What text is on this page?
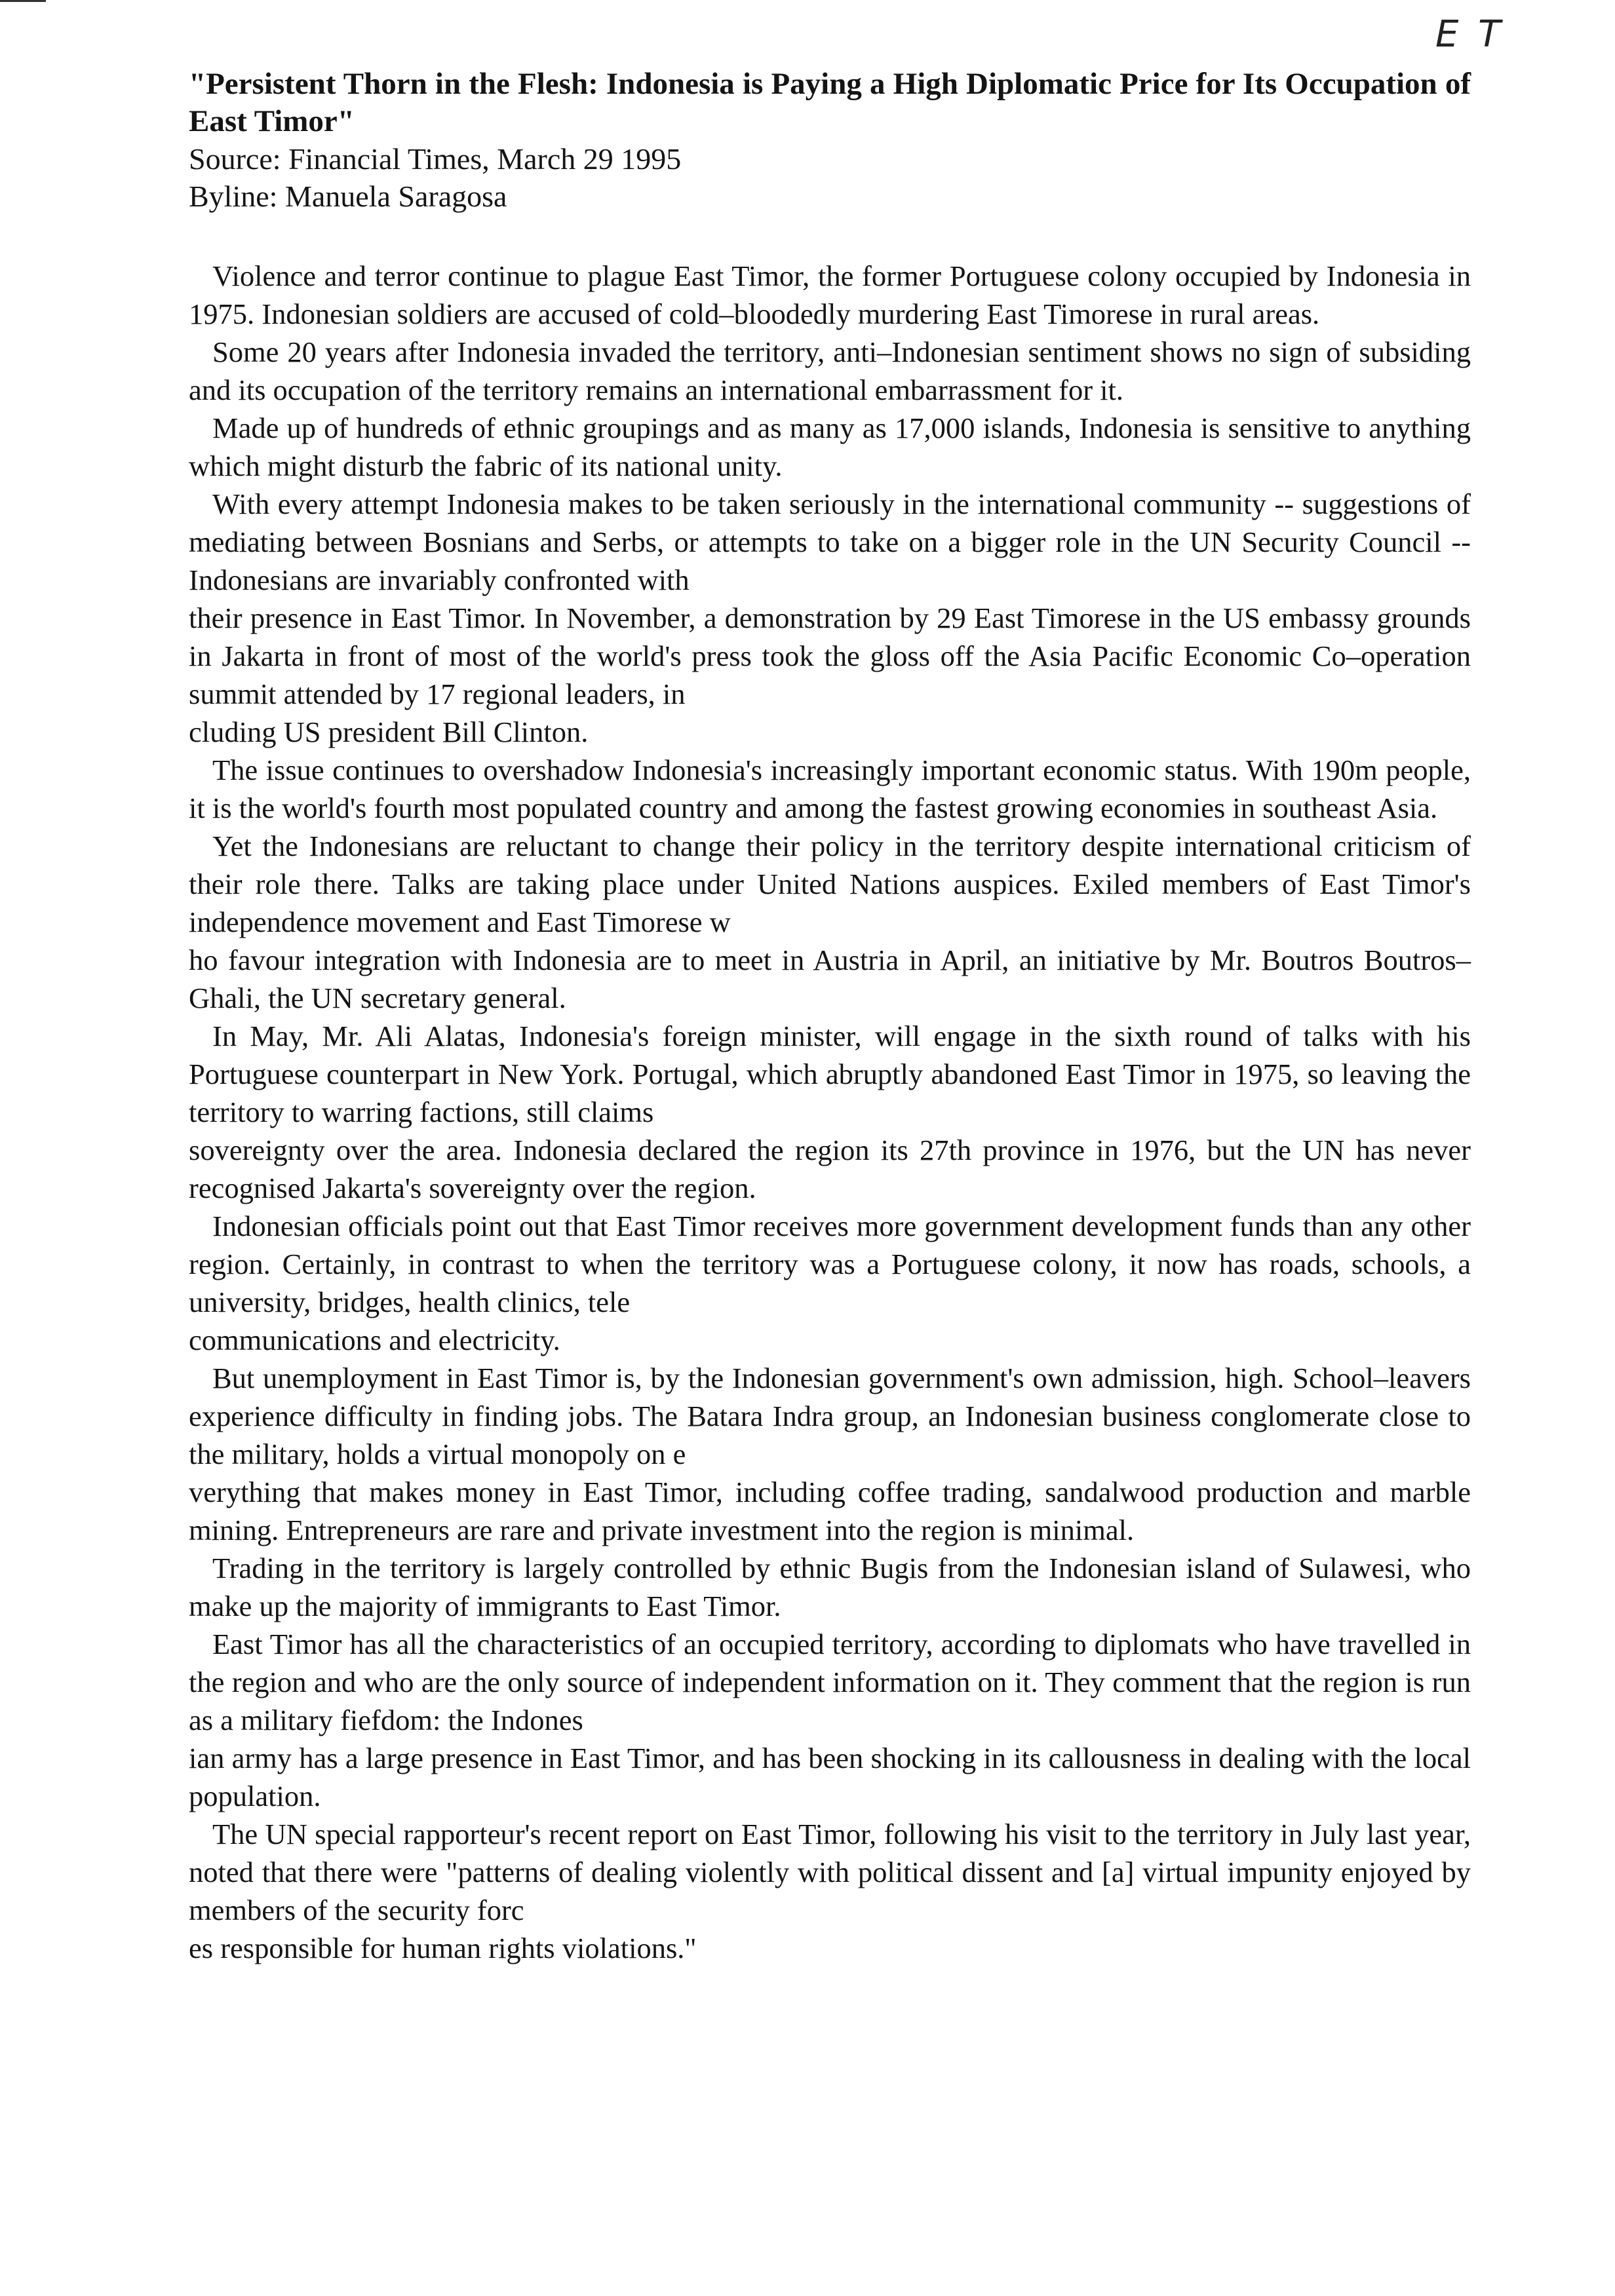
E T

"Persistent Thorn in the Flesh: Indonesia is Paying a High Diplomatic Price for Its Occupation of East Timor"

Source: Financial Times, March 29 1995

Byline: Manuela Saragosa

Violence and terror continue to plague East Timor, the former Portuguese colony occupied by Indonesia in 1975. Indonesian soldiers are accused of cold–bloodedly murdering East Timorese in rural areas.

Some 20 years after Indonesia invaded the territory, anti–Indonesian sentiment shows no sign of subsiding and its occupation of the territory remains an international embarrassment for it.

Made up of hundreds of ethnic groupings and as many as 17,000 islands, Indonesia is sensitive to anything which might disturb the fabric of its national unity.

With every attempt Indonesia makes to be taken seriously in the international community -- suggestions of mediating between Bosnians and Serbs, or attempts to take on a bigger role in the UN Security Council -- Indonesians are invariably confronted with

their presence in East Timor. In November, a demonstration by 29 East Timorese in the US embassy grounds in Jakarta in front of most of the world's press took the gloss off the Asia Pacific Economic Co–operation summit attended by 17 regional leaders, in

cluding US president Bill Clinton.

The issue continues to overshadow Indonesia's increasingly important economic status. With 190m people, it is the world's fourth most populated country and among the fastest growing economies in southeast Asia.

Yet the Indonesians are reluctant to change their policy in the territory despite international criticism of their role there. Talks are taking place under United Nations auspices. Exiled members of East Timor's independence movement and East Timorese w

ho favour integration with Indonesia are to meet in Austria in April, an initiative by Mr. Boutros Boutros–Ghali, the UN secretary general.

In May, Mr. Ali Alatas, Indonesia's foreign minister, will engage in the sixth round of talks with his Portuguese counterpart in New York. Portugal, which abruptly abandoned East Timor in 1975, so leaving the territory to warring factions, still claims

sovereignty over the area. Indonesia declared the region its 27th province in 1976, but the UN has never recognised Jakarta's sovereignty over the region.

Indonesian officials point out that East Timor receives more government development funds than any other region. Certainly, in contrast to when the territory was a Portuguese colony, it now has roads, schools, a university, bridges, health clinics, tele

communications and electricity.

But unemployment in East Timor is, by the Indonesian government's own admission, high. School–leavers experience difficulty in finding jobs. The Batara Indra group, an Indonesian business conglomerate close to the military, holds a virtual monopoly on e

verything that makes money in East Timor, including coffee trading, sandalwood production and marble mining. Entrepreneurs are rare and private investment into the region is minimal.

Trading in the territory is largely controlled by ethnic Bugis from the Indonesian island of Sulawesi, who make up the majority of immigrants to East Timor.

East Timor has all the characteristics of an occupied territory, according to diplomats who have travelled in the region and who are the only source of independent information on it. They comment that the region is run as a military fiefdom: the Indones

ian army has a large presence in East Timor, and has been shocking in its callousness in dealing with the local population.

The UN special rapporteur's recent report on East Timor, following his visit to the territory in July last year, noted that there were "patterns of dealing violently with political dissent and [a] virtual impunity enjoyed by members of the security forc

es responsible for human rights violations."
